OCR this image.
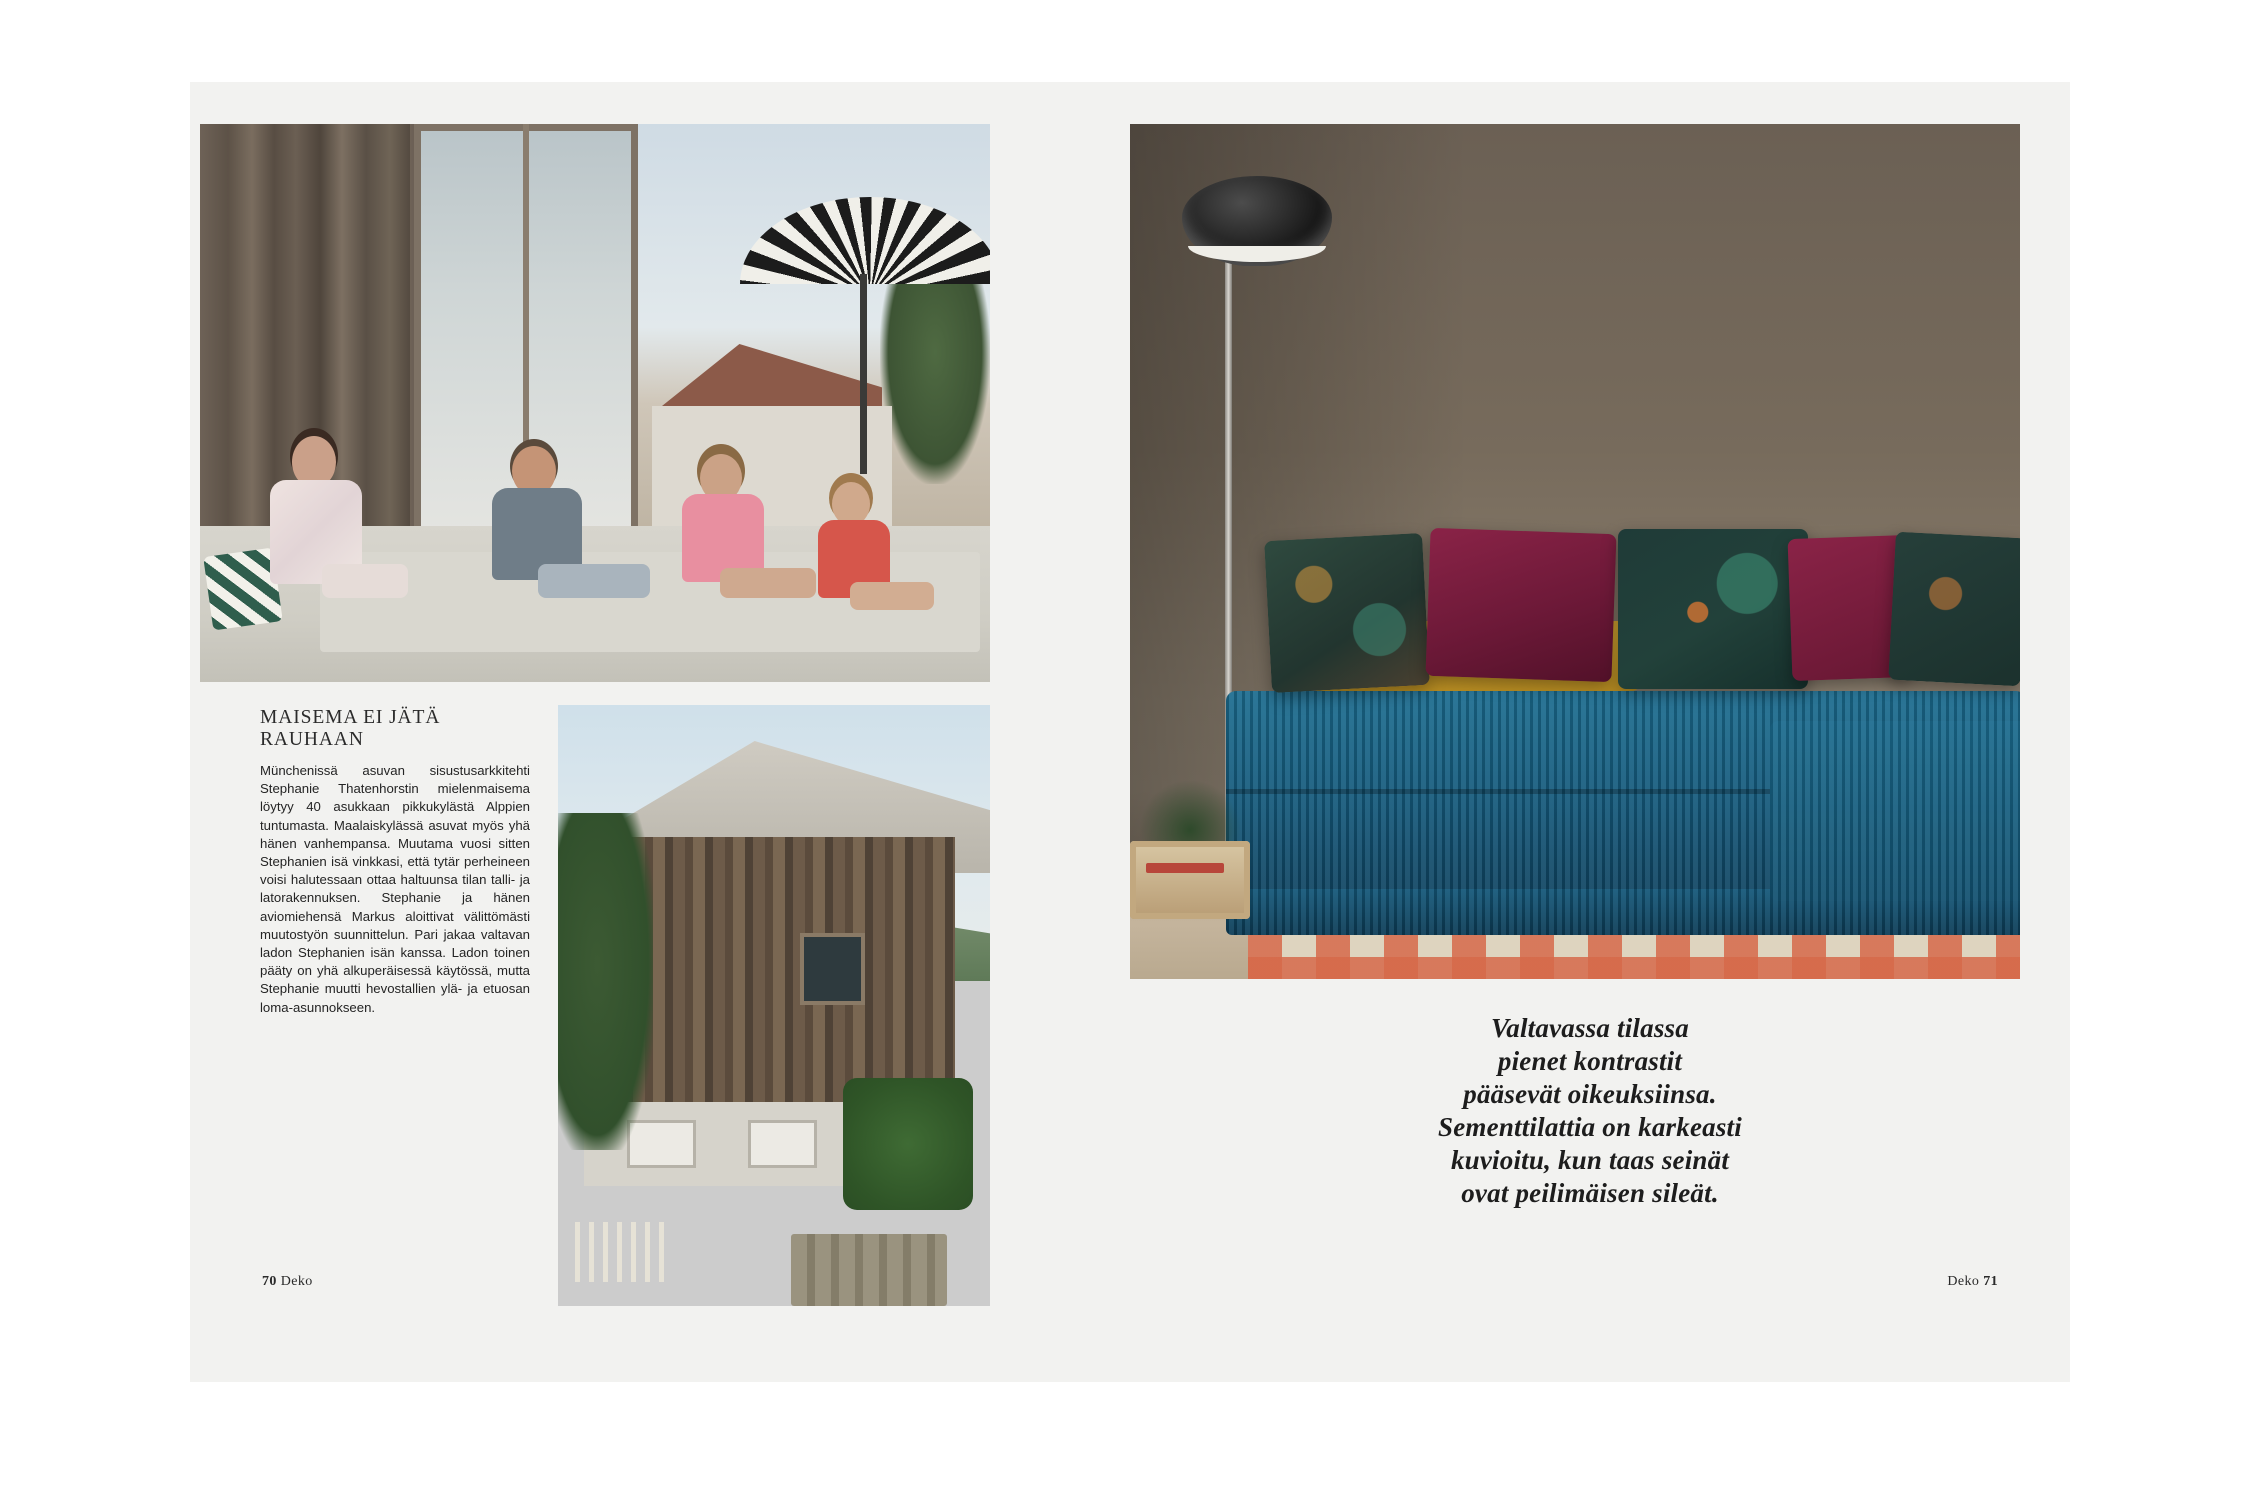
MAISEMA EI JÄTÄ RAUHAAN

Münchenissä asuvan sisustusarkkitehti Stephanie Thatenhorstin mielenmaisema löytyy 40 asukkaan pikkukylästä Alppien tuntumasta. Maalaiskylässä asuvat myös yhä hänen vanhempansa. Muutama vuosi sitten Stephanien isä vinkkasi, että tytär perheineen voisi halutessaan ottaa haltuunsa tilan talli- ja latorakennuksen. Stephanie ja hänen aviomiehensä Markus aloittivat välittömästi muutostyön suunnittelun. Pari jakaa valtavan ladon Stephanien isän kanssa. Ladon toinen pääty on yhä alkuperäisessä käytössä, mutta Stephanie muutti hevostallien ylä- ja etuosan loma-asunnokseen.

70 Deko
Valtavassa tilassa
pienet kontrastit
pääsevät oikeuksiinsa.
Sementtilattia on karkeasti
kuvioitu, kun taas seinät
ovat peilimäisen sileät.
Deko 71
